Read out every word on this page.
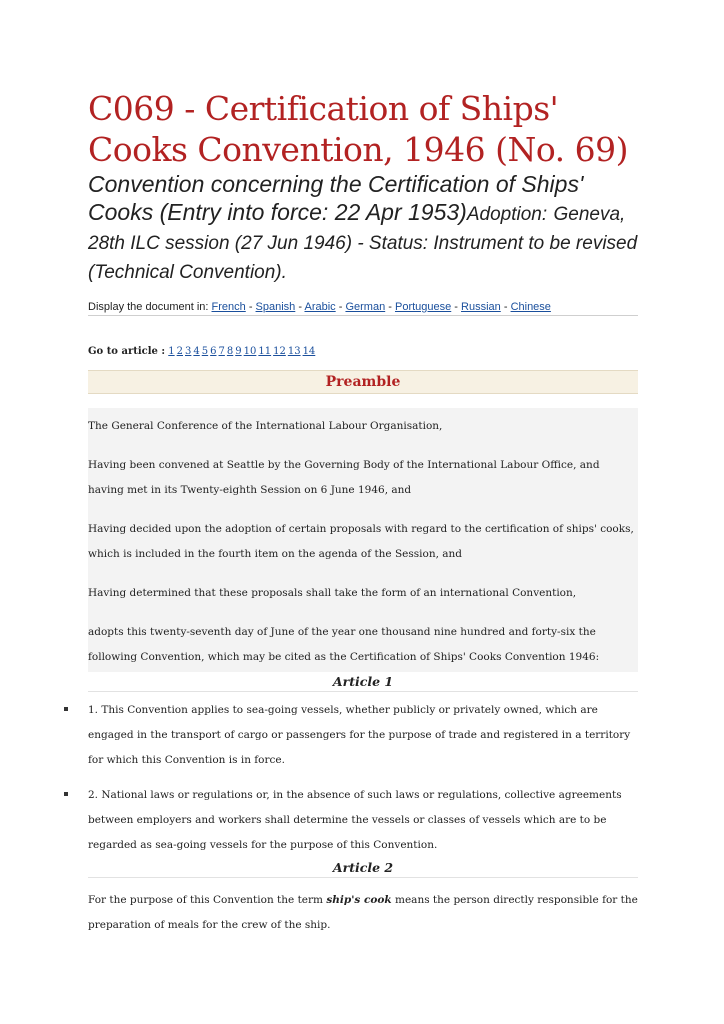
C069 - Certification of Ships' Cooks Convention, 1946 (No. 69)

Convention concerning the Certification of Ships' Cooks (Entry into force: 22 Apr 1953)Adoption: Geneva, 28th ILC session (27 Jun 1946) - Status: Instrument to be revised (Technical Convention).

Display the document in: French - Spanish - Arabic - German - Portuguese - Russian - Chinese
Go to article : 1 2 3 4 5 6 7 8 9 10 11 12 13 14
Preamble

The General Conference of the International Labour Organisation,

Having been convened at Seattle by the Governing Body of the International Labour Office, and having met in its Twenty-eighth Session on 6 June 1946, and

Having decided upon the adoption of certain proposals with regard to the certification of ships' cooks, which is included in the fourth item on the agenda of the Session, and

Having determined that these proposals shall take the form of an international Convention,

adopts this twenty-seventh day of June of the year one thousand nine hundred and forty-six the following Convention, which may be cited as the Certification of Ships' Cooks Convention 1946:

Article 1
1. This Convention applies to sea-going vessels, whether publicly or privately owned, which are engaged in the transport of cargo or passengers for the purpose of trade and registered in a territory for which this Convention is in force.
2. National laws or regulations or, in the absence of such laws or regulations, collective agreements between employers and workers shall determine the vessels or classes of vessels which are to be regarded as sea-going vessels for the purpose of this Convention.
Article 2

For the purpose of this Convention the term ship's cook means the person directly responsible for the preparation of meals for the crew of the ship.
